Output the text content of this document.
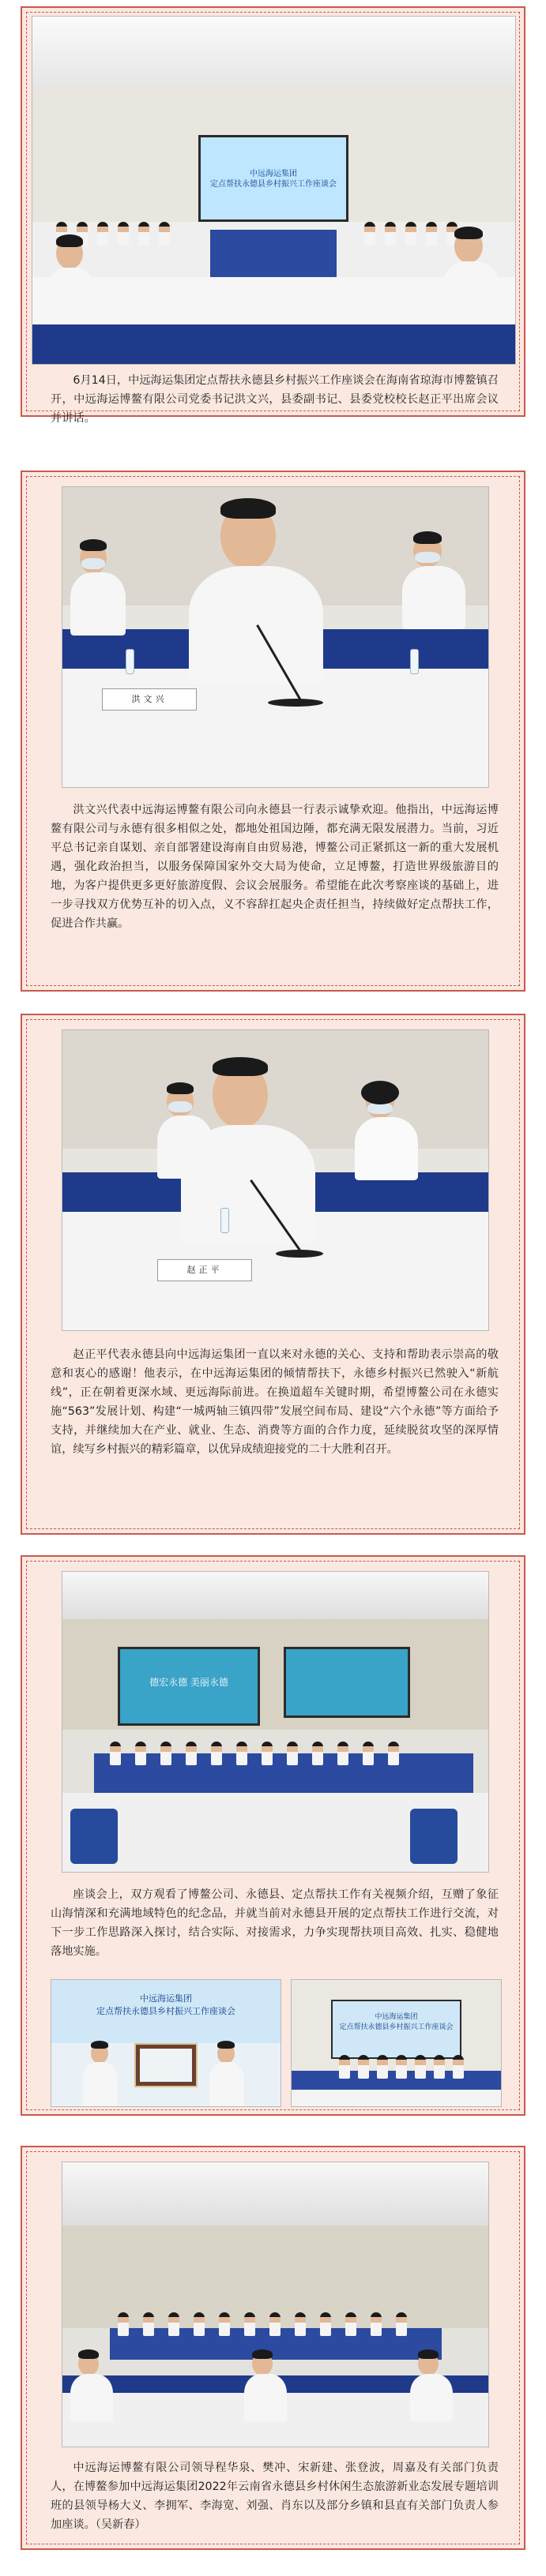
中远海运集团
定点帮扶永德县乡村振兴工作座谈会
6月14日，中远海运集团定点帮扶永德县乡村振兴工作座谈会在海南省琼海市博鳌镇召开，中远海运博鳌有限公司党委书记洪文兴，县委副书记、县委党校校长赵正平出席会议并讲话。
洪文兴
洪文兴代表中远海运博鳌有限公司向永德县一行表示诚挚欢迎。他指出，中远海运博鳌有限公司与永德有很多相似之处，都地处祖国边陲，都充满无限发展潜力。当前，习近平总书记亲自谋划、亲自部署建设海南自由贸易港，博鳌公司正紧抓这一新的重大发展机遇，强化政治担当，以服务保障国家外交大局为使命，立足博鳌，打造世界级旅游目的地，为客户提供更多更好旅游度假、会议会展服务。希望能在此次考察座谈的基础上，进一步寻找双方优势互补的切入点，义不容辞扛起央企责任担当，持续做好定点帮扶工作，促进合作共赢。
赵正平
赵正平代表永德县向中远海运集团一直以来对永德的关心、支持和帮助表示崇高的敬意和衷心的感谢！他表示，在中远海运集团的倾情帮扶下，永德乡村振兴已然驶入“新航线”，正在朝着更深水域、更远海际前进。在换道超车关键时期，希望博鳌公司在永德实施“563”发展计划、构建“一城两轴三镇四带”发展空间布局、建设“六个永德”等方面给予支持，并继续加大在产业、就业、生态、消费等方面的合作力度，延续脱贫攻坚的深厚情谊，续写乡村振兴的精彩篇章，以优异成绩迎接党的二十大胜利召开。
德宏永德 美丽永德
座谈会上，双方观看了博鳌公司、永德县、定点帮扶工作有关视频介绍，互赠了象征山海情深和充满地域特色的纪念品，并就当前对永德县开展的定点帮扶工作进行交流，对下一步工作思路深入探讨，结合实际、对接需求，力争实现帮扶项目高效、扎实、稳健地落地实施。
中远海运集团
定点帮扶永德县乡村振兴工作座谈会
中远海运集团
定点帮扶永德县乡村振兴工作座谈会
中远海运博鳌有限公司领导程华泉、樊冲、宋新建、张登波，周嘉及有关部门负责人，在博鳌参加中远海运集团2022年云南省永德县乡村休闲生态旅游新业态发展专题培训班的县领导杨大义、李拥军、李海宽、刘强、肖东以及部分乡镇和县直有关部门负责人参加座谈。（吴新春）
